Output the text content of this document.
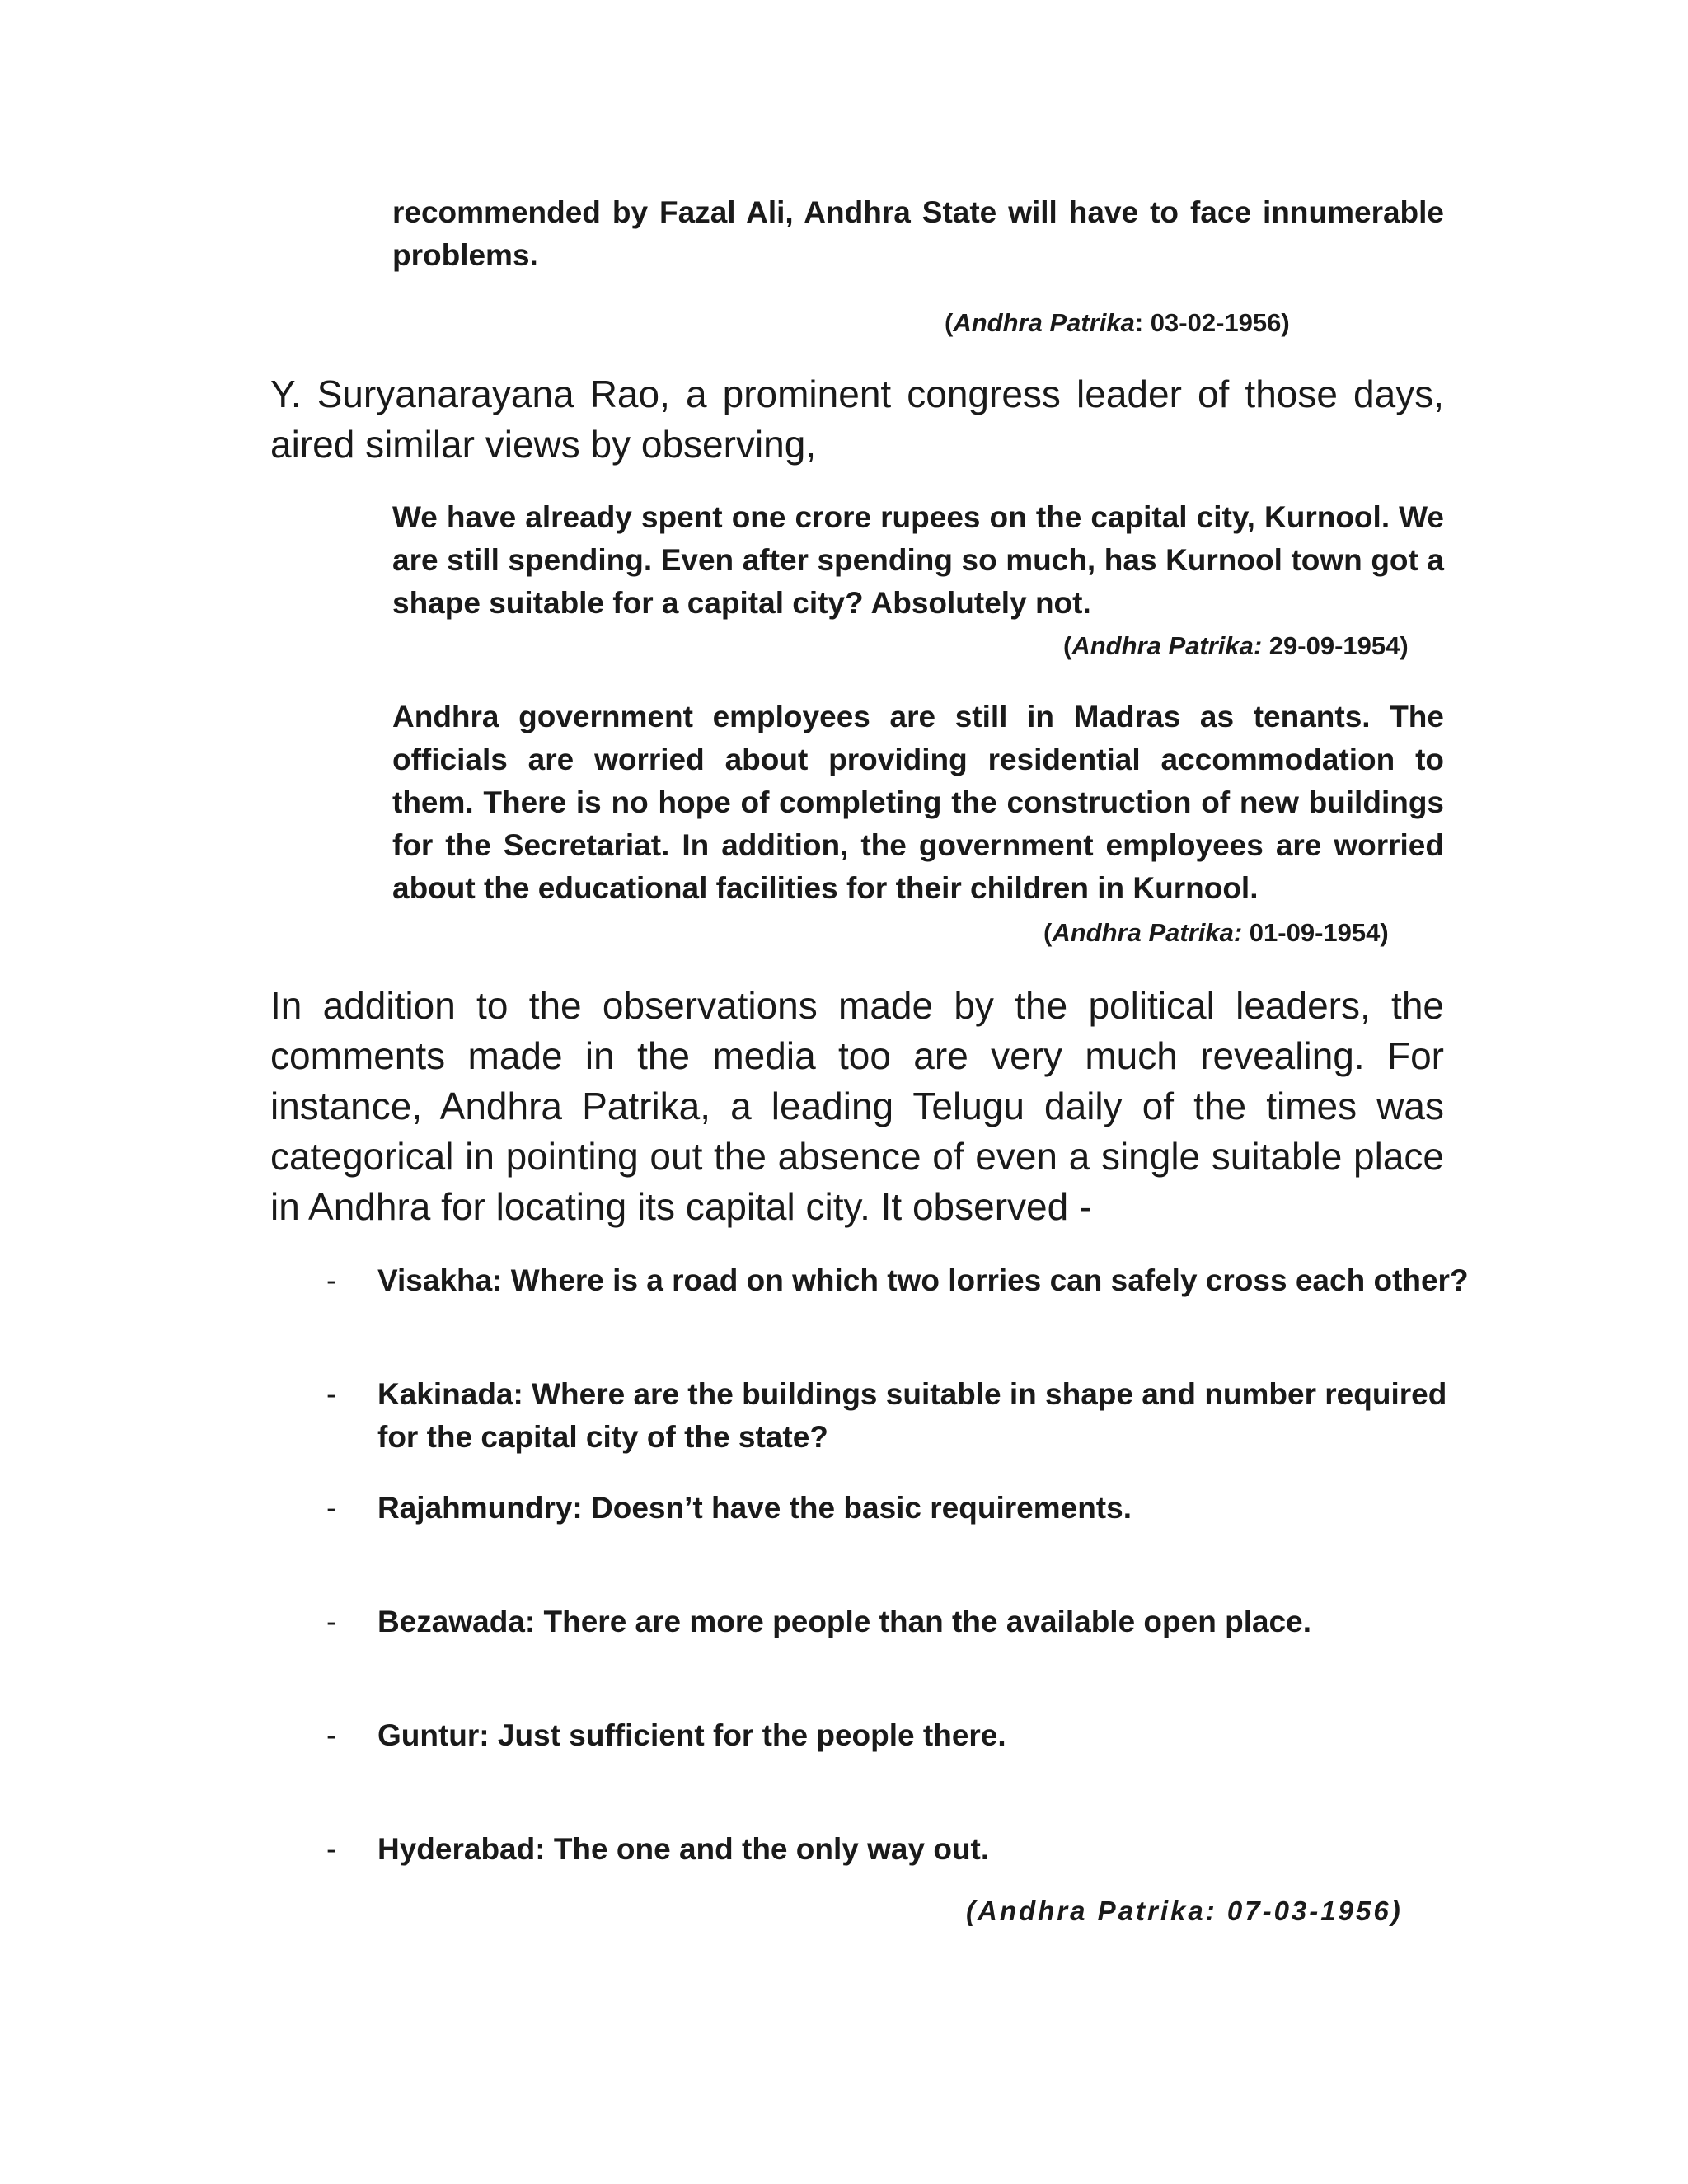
recommended by Fazal Ali, Andhra State will have to face innumerable problems.

(Andhra Patrika: 03-02-1956)

Y. Suryanarayana Rao, a prominent congress leader of those days, aired similar views by observing,

We have already spent one crore rupees on the capital city, Kurnool. We are still spending. Even after spending so much, has Kurnool town got a shape suitable for a capital city? Absolutely not.

(Andhra Patrika: 29-09-1954)

Andhra government employees are still in Madras as tenants. The officials are worried about providing residential accommodation to them. There is no hope of completing the construction of new buildings for the Secretariat. In addition, the government employees are worried about the educational facilities for their children in Kurnool.

(Andhra Patrika: 01-09-1954)

In addition to the observations made by the political leaders, the comments made in the media too are very much revealing. For instance, Andhra Patrika, a leading Telugu daily of the times was categorical in pointing out the absence of even a single suitable place in Andhra for locating its capital city. It observed -

- Visakha: Where is a road on which two lorries can safely cross each other?
- Kakinada: Where are the buildings suitable in shape and number required for the capital city of the state?
- Rajahmundry: Doesn’t have the basic requirements.
- Bezawada: There are more people than the available open place.
- Guntur: Just sufficient for the people there.
- Hyderabad: The one and the only way out.
(Andhra Patrika: 07-03-1956)
